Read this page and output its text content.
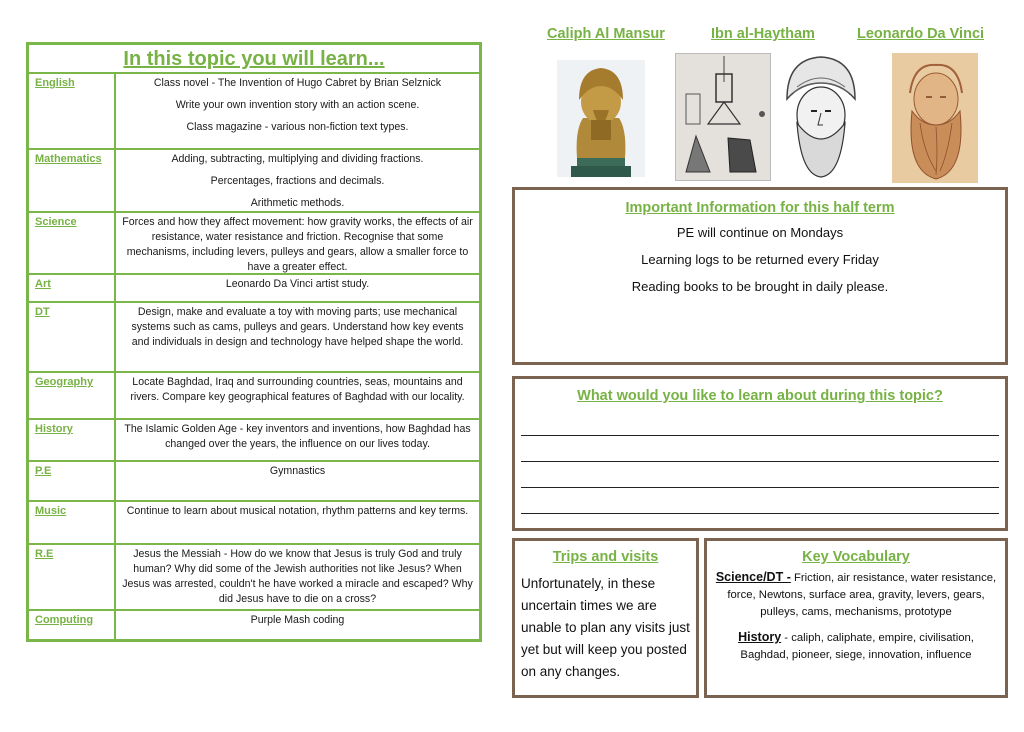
In this topic you will learn...
English	Class novel - The Invention of Hugo Cabret by Brian Selznick

Write your own invention story with an action scene.

Class magazine - various non-fiction text types.

Mathematics	Adding, subtracting, multiplying and dividing fractions.

Percentages, fractions and decimals.

Arithmetic methods.

Science	Forces and how they affect movement: how gravity works, the effects of air resistance, water resistance and friction. Recognise that some mechanisms, including levers, pulleys and gears, allow a smaller force to have a greater effect.

Art	Leonardo Da Vinci artist study.

DT	Design, make and evaluate a toy with moving parts; use mechanical systems such as cams, pulleys and gears. Understand how key events and individuals in design and technology have helped shape the world.

Geography	Locate Baghdad, Iraq and surrounding countries, seas, mountains and rivers. Compare key geographical features of Baghdad with our locality.

History	The Islamic Golden Age - key inventors and inventions, how Baghdad has changed over the years, the influence on our lives today.

P.E	Gymnastics

Music	Continue to learn about musical notation, rhythm patterns and key terms.

R.E	Jesus the Messiah - How do we know that Jesus is truly God and truly human? Why did some of the Jewish authorities not like Jesus? When Jesus was arrested, couldn't he have worked a miracle and escaped? Why did Jesus have to die on a cross?

Computing	Purple Mash coding

Caliph Al Mansur	Ibn al-Haytham	Leonardo Da Vinci
Important Information for this half term
PE will continue on Mondays
Learning logs to be returned every Friday
Reading books to be brought in daily please.
What would you like to learn about during this topic?
Trips and visits
Unfortunately, in these uncertain times we are unable to plan any visits just yet but will keep you posted on any changes.
Key Vocabulary
Science/DT - Friction, air resistance, water resistance, force, Newtons, surface area, gravity, levers, gears, pulleys, cams, mechanisms, prototype
History - caliph, caliphate, empire, civilisation, Baghdad, pioneer, siege, innovation, influence
